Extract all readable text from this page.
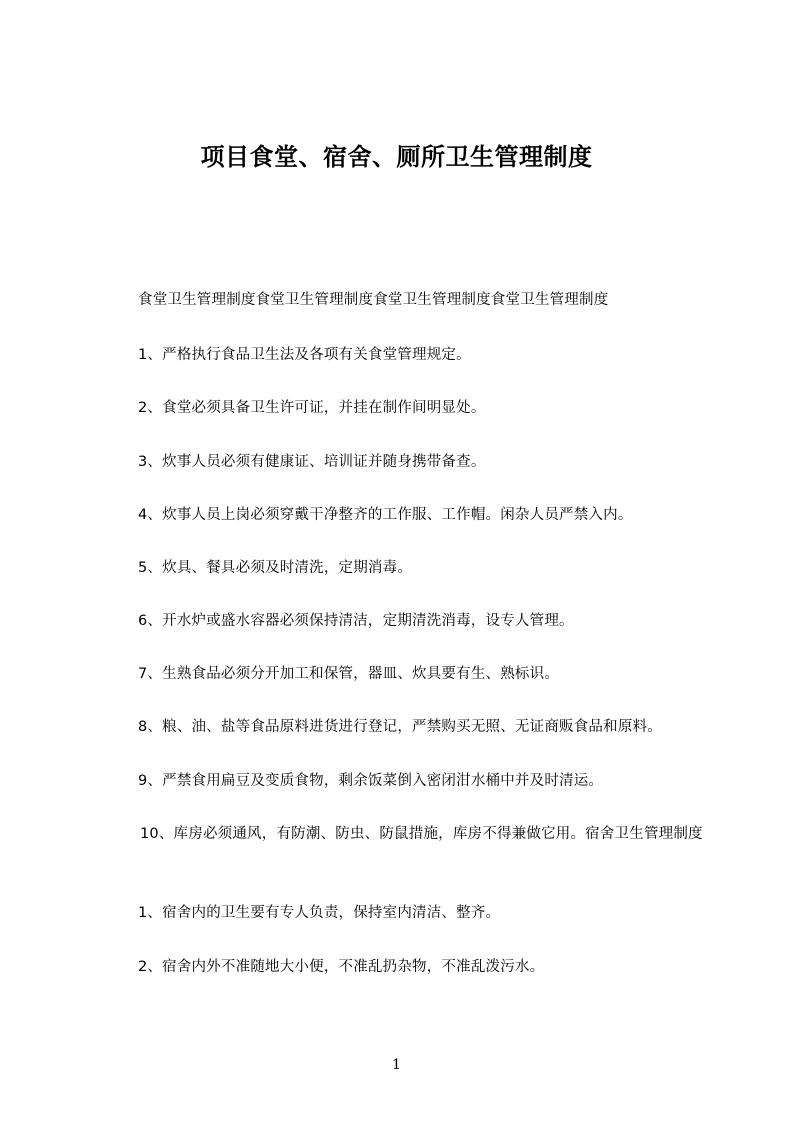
项目食堂、宿舍、厕所卫生管理制度
食堂卫生管理制度食堂卫生管理制度食堂卫生管理制度食堂卫生管理制度
1、严格执行食品卫生法及各项有关食堂管理规定。
2、食堂必须具备卫生许可证，并挂在制作间明显处。
3、炊事人员必须有健康证、培训证并随身携带备查。
4、炊事人员上岗必须穿戴干净整齐的工作服、工作帽。闲杂人员严禁入内。
5、炊具、餐具必须及时清洗，定期消毒。
6、开水炉或盛水容器必须保持清洁，定期清洗消毒，设专人管理。
7、生熟食品必须分开加工和保管，器皿、炊具要有生、熟标识。
8、粮、油、盐等食品原料进货进行登记，严禁购买无照、无证商贩食品和原料。
9、严禁食用扁豆及变质食物，剩余饭菜倒入密闭泔水桶中并及时清运。
10、库房必须通风，有防潮、防虫、防鼠措施，库房不得兼做它用。宿舍卫生管理制度
1、宿舍内的卫生要有专人负责，保持室内清洁、整齐。
2、宿舍内外不准随地大小便，不准乱扔杂物，不准乱泼污水。
1
